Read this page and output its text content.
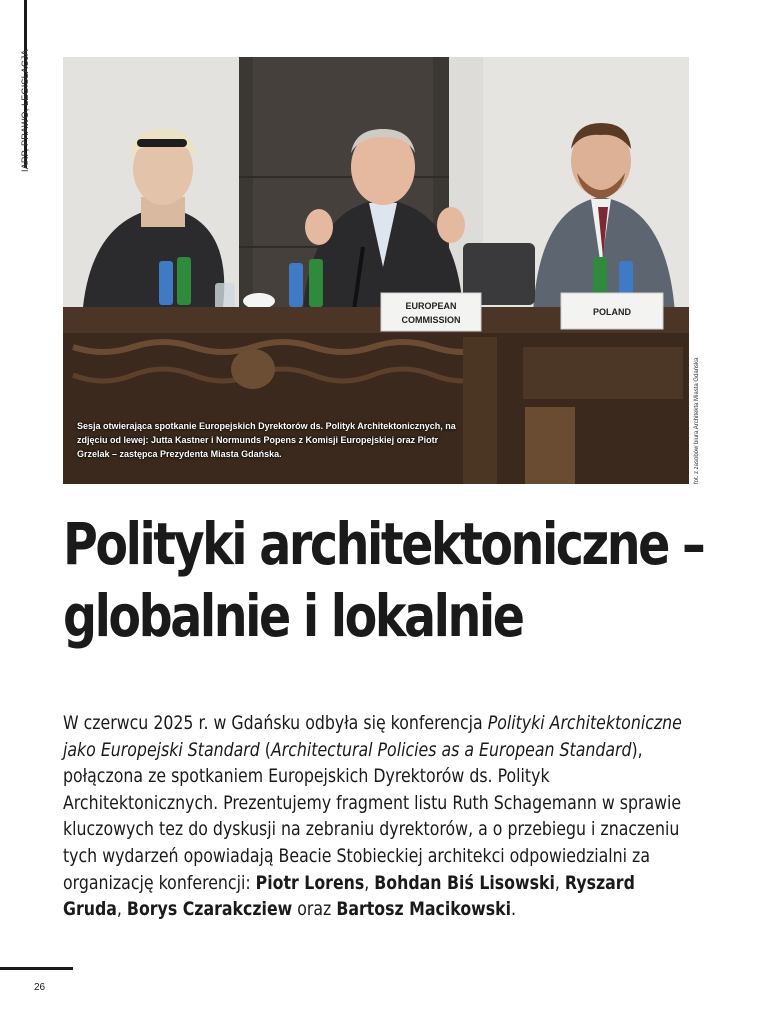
IARP, PRAWO, LEGISLACJA
EUROPEAN
COMMISSION
POLAND
Sesja otwierająca spotkanie Europejskich Dyrektorów ds. Polityk Architektonicznych, na zdjęciu od lewej: Jutta Kastner i Normunds Popens z Komisji Europejskiej oraz Piotr Grzelak – zastępca Prezydenta Miasta Gdańska.	fot. z zasobów biura Architekta Miasta Gdańska
Polityki architektoniczne –
globalnie i lokalnie

W czerwcu 2025 r. w Gdańsku odbyła się konferencja Polityki Architektoniczne jako Europejski Standard (Architectural Policies as a European Standard), połączona ze spotkaniem Europejskich Dyrektorów ds. Polityk Architektonicznych. Prezentujemy fragment listu Ruth Schagemann w sprawie kluczowych tez do dyskusji na zebraniu dyrektorów, a o przebiegu i znaczeniu tych wydarzeń opowiadają Beacie Stobieckiej architekci odpowiedzialni za organizację konferencji: Piotr Lorens, Bohdan Biś Lisowski, Ryszard Gruda, Borys Czarakcziew oraz Bartosz Macikowski.

26
